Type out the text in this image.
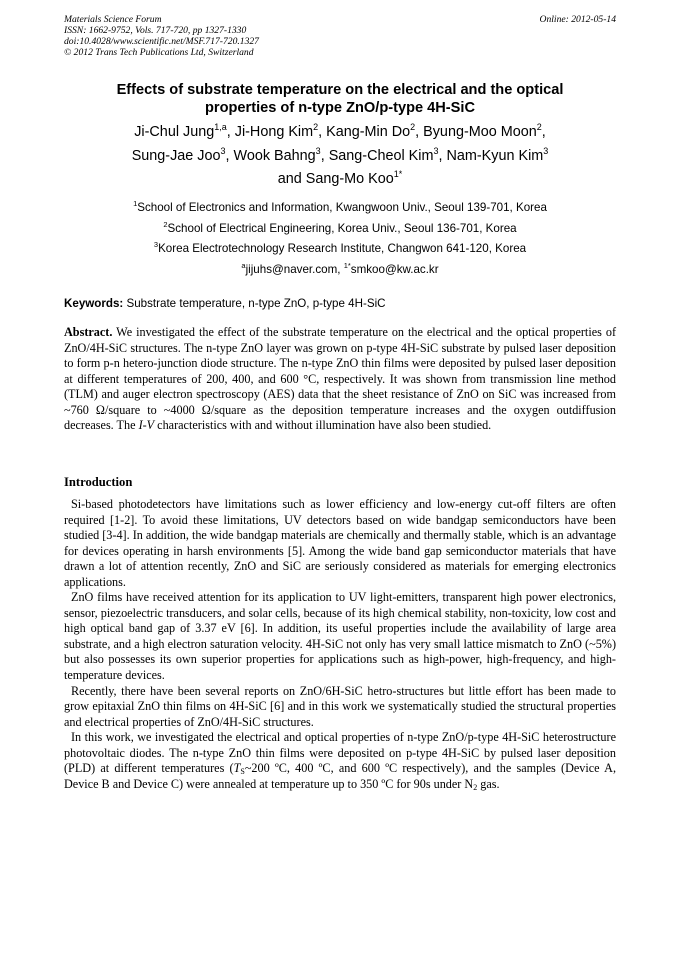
Materials Science Forum
ISSN: 1662-9752, Vols. 717-720, pp 1327-1330
doi:10.4028/www.scientific.net/MSF.717-720.1327
© 2012 Trans Tech Publications Ltd, Switzerland
Online: 2012-05-14
Effects of substrate temperature on the electrical and the optical
properties of n-type ZnO/p-type 4H-SiC
Ji-Chul Jung$^{1,a}$, Ji-Hong Kim$^2$, Kang-Min Do$^2$, Byung-Moo Moon$^2$,
Sung-Jae Joo$^3$, Wook Bahng$^3$, Sang-Cheol Kim$^3$, Nam-Kyun Kim$^3$
and Sang-Mo Koo$^{1*}$
$^1$School of Electronics and Information, Kwangwoon Univ., Seoul 139-701, Korea
$^2$School of Electrical Engineering, Korea Univ., Seoul 136-701, Korea
$^3$Korea Electrotechnology Research Institute, Changwon 641-120, Korea
$^a$jijuhs@naver.com, $^{1*}$smkoo@kw.ac.kr
Keywords: Substrate temperature, n-type ZnO, p-type 4H-SiC
Abstract. We investigated the effect of the substrate temperature on the electrical and the optical properties of ZnO/4H-SiC structures. The n-type ZnO layer was grown on p-type 4H-SiC substrate by pulsed laser deposition to form p-n hetero-junction diode structure. The n-type ZnO thin films were deposited by pulsed laser deposition at different temperatures of 200, 400, and 600 °C, respectively. It was shown from transmission line method (TLM) and auger electron spectroscopy (AES) data that the sheet resistance of ZnO on SiC was increased from ~760 Ω/square to ~4000 Ω/square as the deposition temperature increases and the oxygen outdiffusion decreases. The I-V characteristics with and without illumination have also been studied.
Introduction

Si-based photodetectors have limitations such as lower efficiency and low-energy cut-off filters are often required [1-2]. To avoid these limitations, UV detectors based on wide bandgap semiconductors have been studied [3-4]. In addition, the wide bandgap materials are chemically and thermally stable, which is an advantage for devices operating in harsh environments [5]. Among the wide band gap semiconductor materials that have drawn a lot of attention recently, ZnO and SiC are seriously considered as materials for emerging electronics applications.

ZnO films have received attention for its application to UV light-emitters, transparent high power electronics, sensor, piezoelectric transducers, and solar cells, because of its high chemical stability, non-toxicity, low cost and high optical band gap of 3.37 eV [6]. In addition, its useful properties include the availability of large area substrate, and a high electron saturation velocity. 4H-SiC not only has very small lattice mismatch to ZnO (~5%) but also possesses its own superior properties for applications such as high-power, high-frequency, and high-temperature devices.

Recently, there have been several reports on ZnO/6H-SiC hetro-structures but little effort has been made to grow epitaxial ZnO thin films on 4H-SiC [6] and in this work we systematically studied the structural properties and electrical properties of ZnO/4H-SiC structures.

In this work, we investigated the electrical and optical properties of n-type ZnO/p-type 4H-SiC heterostructure photovoltaic diodes. The n-type ZnO thin films were deposited on p-type 4H-SiC by pulsed laser deposition (PLD) at different temperatures ($T_S\sim 200$ ºC, 400 ºC, and 600 ºC respectively), and the samples (Device A, Device B and Device C) were annealed at temperature up to 350 ºC for 90s under $N_2$ gas.
